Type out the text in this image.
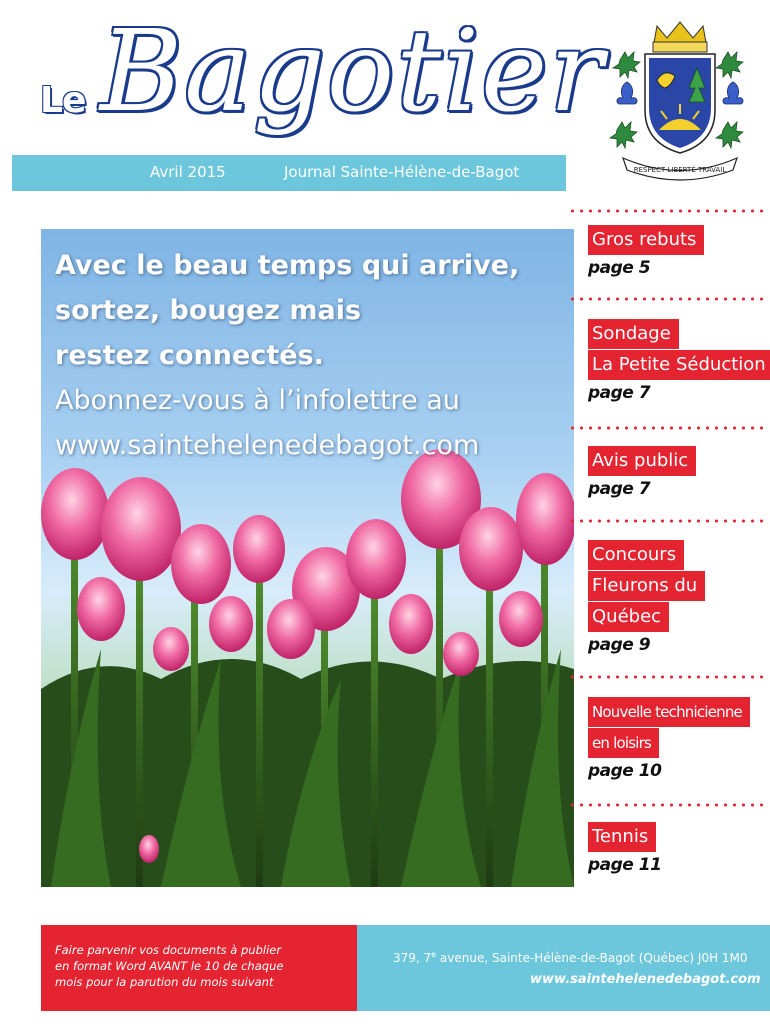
Avril 2015	Journal Sainte-Hélène-de-Bagot
Le Bagotier
RESPECT LIBERTÉ TRAVAIL
Avec le beau temps qui arrive,
sortez, bougez mais
restez connectés.
Abonnez-vous à l’infolettre au
www.saintehelenedebagot.com
Gros rebuts
page 5
Sondage
La Petite Séduction
page 7
Avis public
page 7
Concours
Fleurons du
Québec
page 9
Nouvelle technicienne
en loisirs
page 10
Tennis
page 11
Faire parvenir vos documents à publier
en format Word AVANT le 10 de chaque
mois pour la parution du mois suivant
379, 7e avenue, Sainte-Hélène-de-Bagot (Québec) J0H 1M0
www.saintehelenedebagot.com
